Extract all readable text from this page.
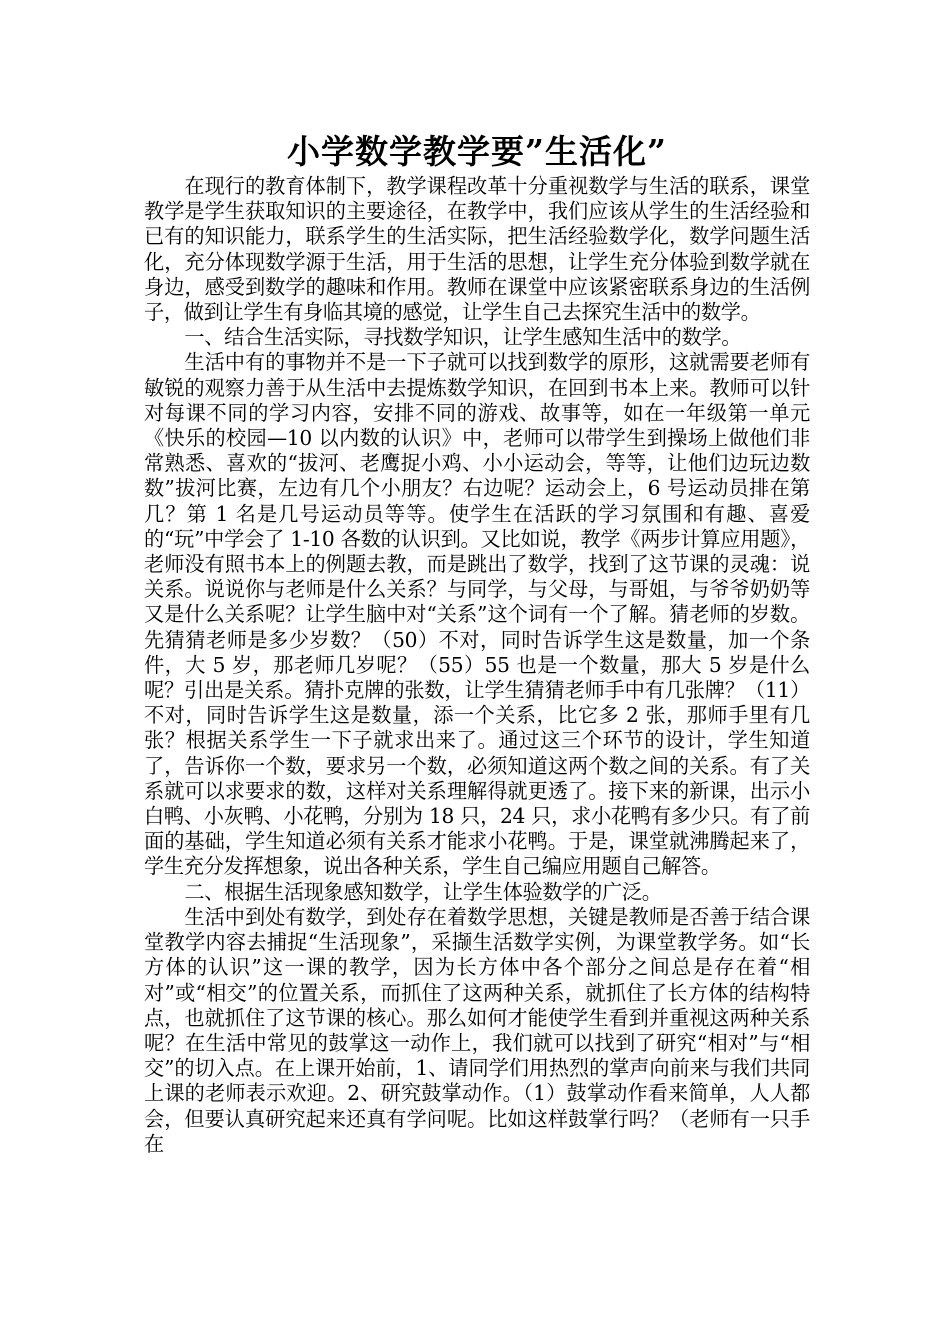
小学数学教学要”生活化”

在现行的教育体制下，教学课程改革十分重视数学与生活的联系，课堂教学是学生获取知识的主要途径，在教学中，我们应该从学生的生活经验和已有的知识能力，联系学生的生活实际，把生活经验数学化，数学问题生活化，充分体现数学源于生活，用于生活的思想，让学生充分体验到数学就在身边，感受到数学的趣味和作用。教师在课堂中应该紧密联系身边的生活例子，做到让学生有身临其境的感觉，让学生自己去探究生活中的数学。

一、结合生活实际，寻找数学知识，让学生感知生活中的数学。

生活中有的事物并不是一下子就可以找到数学的原形，这就需要老师有敏锐的观察力善于从生活中去提炼数学知识，在回到书本上来。教师可以针对每课不同的学习内容，安排不同的游戏、故事等，如在一年级第一单元《快乐的校园—10 以内数的认识》中，老师可以带学生到操场上做他们非常熟悉、喜欢的“拔河、老鹰捉小鸡、小小运动会，等等，让他们边玩边数数”拔河比赛，左边有几个小朋友？右边呢？运动会上，6 号运动员排在第几？第 1 名是几号运动员等等。使学生在活跃的学习氛围和有趣、喜爱的“玩”中学会了 1-10 各数的认识到。又比如说，教学《两步计算应用题》，老师没有照书本上的例题去教，而是跳出了数学，找到了这节课的灵魂：说关系。说说你与老师是什么关系？与同学，与父母，与哥姐，与爷爷奶奶等又是什么关系呢？让学生脑中对“关系”这个词有一个了解。猜老师的岁数。先猜猜老师是多少岁数？（50）不对，同时告诉学生这是数量，加一个条件，大 5 岁，那老师几岁呢？（55）55 也是一个数量，那大 5 岁是什么呢？引出是关系。猜扑克牌的张数，让学生猜猜老师手中有几张牌？（11）不对，同时告诉学生这是数量，添一个关系，比它多 2 张，那师手里有几张？根据关系学生一下子就求出来了。通过这三个环节的设计，学生知道了，告诉你一个数，要求另一个数，必须知道这两个数之间的关系。有了关系就可以求要求的数，这样对关系理解得就更透了。接下来的新课，出示小白鸭、小灰鸭、小花鸭，分别为 18 只，24 只，求小花鸭有多少只。有了前面的基础，学生知道必须有关系才能求小花鸭。于是，课堂就沸腾起来了，学生充分发挥想象，说出各种关系，学生自己编应用题自己解答。

二、根据生活现象感知数学，让学生体验数学的广泛。

生活中到处有数学，到处存在着数学思想，关键是教师是否善于结合课堂教学内容去捕捉“生活现象”，采撷生活数学实例，为课堂教学务。如“长方体的认识”这一课的教学，因为长方体中各个部分之间总是存在着“相对”或“相交”的位置关系，而抓住了这两种关系，就抓住了长方体的结构特点，也就抓住了这节课的核心。那么如何才能使学生看到并重视这两种关系呢？在生活中常见的鼓掌这一动作上，我们就可以找到了研究“相对”与“相交”的切入点。在上课开始前，1、请同学们用热烈的掌声向前来与我们共同上课的老师表示欢迎。2、研究鼓掌动作。（1）鼓掌动作看来简单，人人都会，但要认真研究起来还真有学问呢。比如这样鼓掌行吗？（老师有一只手在
